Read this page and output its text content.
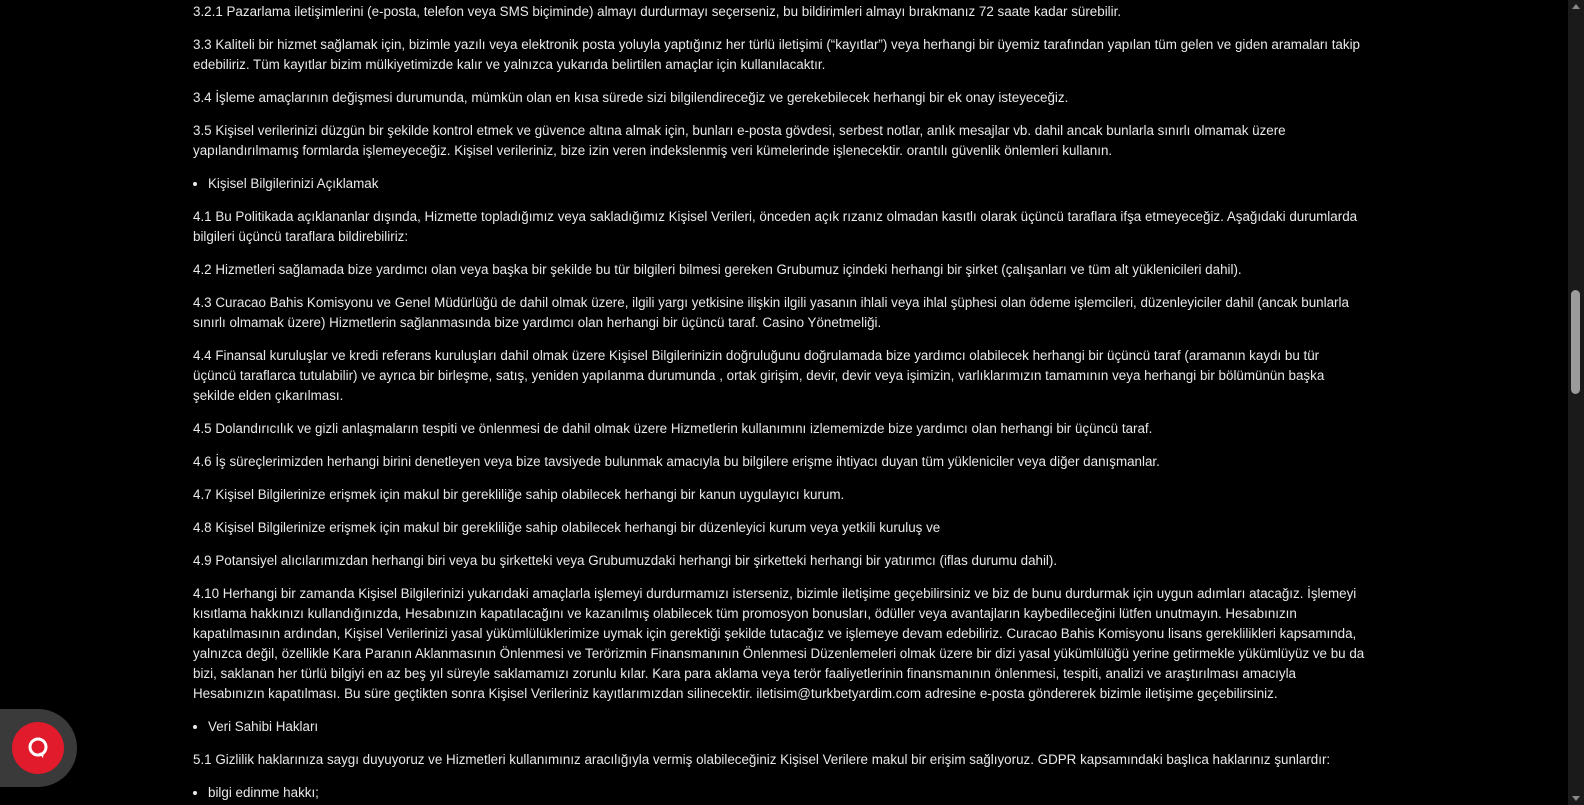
3.2.1 Pazarlama iletişimlerini (e-posta, telefon veya SMS biçiminde) almayı durdurmayı seçerseniz, bu bildirimleri almayı bırakmanız 72 saate kadar sürebilir.

3.3 Kaliteli bir hizmet sağlamak için, bizimle yazılı veya elektronik posta yoluyla yaptığınız her türlü iletişimi (“kayıtlar”) veya herhangi bir üyemiz tarafından yapılan tüm gelen ve giden aramaları takip edebiliriz. Tüm kayıtlar bizim mülkiyetimizde kalır ve yalnızca yukarıda belirtilen amaçlar için kullanılacaktır.

3.4 İşleme amaçlarının değişmesi durumunda, mümkün olan en kısa sürede sizi bilgilendireceğiz ve gerekebilecek herhangi bir ek onay isteyeceğiz.

3.5 Kişisel verilerinizi düzgün bir şekilde kontrol etmek ve güvence altına almak için, bunları e-posta gövdesi, serbest notlar, anlık mesajlar vb. dahil ancak bunlarla sınırlı olmamak üzere yapılandırılmamış formlarda işlemeyeceğiz. Kişisel verileriniz, bize izin veren indekslenmiş veri kümelerinde işlenecektir. orantılı güvenlik önlemleri kullanın.

• Kişisel Bilgilerinizi Açıklamak

4.1 Bu Politikada açıklananlar dışında, Hizmette topladığımız veya sakladığımız Kişisel Verileri, önceden açık rızanız olmadan kasıtlı olarak üçüncü taraflara ifşa etmeyeceğiz. Aşağıdaki durumlarda bilgileri üçüncü taraflara bildirebiliriz:

4.2 Hizmetleri sağlamada bize yardımcı olan veya başka bir şekilde bu tür bilgileri bilmesi gereken Grubumuz içindeki herhangi bir şirket (çalışanları ve tüm alt yüklenicileri dahil).

4.3 Curacao Bahis Komisyonu ve Genel Müdürlüğü de dahil olmak üzere, ilgili yargı yetkisine ilişkin ilgili yasanın ihlali veya ihlal şüphesi olan ödeme işlemcileri, düzenleyiciler dahil (ancak bunlarla sınırlı olmamak üzere) Hizmetlerin sağlanmasında bize yardımcı olan herhangi bir üçüncü taraf. Casino Yönetmeliği.

4.4 Finansal kuruluşlar ve kredi referans kuruluşları dahil olmak üzere Kişisel Bilgilerinizin doğruluğunu doğrulamada bize yardımcı olabilecek herhangi bir üçüncü taraf (aramanın kaydı bu tür üçüncü taraflarca tutulabilir) ve ayrıca bir birleşme, satış, yeniden yapılanma durumunda , ortak girişim, devir, devir veya işimizin, varlıklarımızın tamamının veya herhangi bir bölümünün başka şekilde elden çıkarılması.

4.5 Dolandırıcılık ve gizli anlaşmaların tespiti ve önlenmesi de dahil olmak üzere Hizmetlerin kullanımını izlememizde bize yardımcı olan herhangi bir üçüncü taraf.

4.6 İş süreçlerimizden herhangi birini denetleyen veya bize tavsiyede bulunmak amacıyla bu bilgilere erişme ihtiyacı duyan tüm yükleniciler veya diğer danışmanlar.

4.7 Kişisel Bilgilerinize erişmek için makul bir gerekliliğe sahip olabilecek herhangi bir kanun uygulayıcı kurum.

4.8 Kişisel Bilgilerinize erişmek için makul bir gerekliliğe sahip olabilecek herhangi bir düzenleyici kurum veya yetkili kuruluş ve

4.9 Potansiyel alıcılarımızdan herhangi biri veya bu şirketteki veya Grubumuzdaki herhangi bir şirketteki herhangi bir yatırımcı (iflas durumu dahil).

4.10 Herhangi bir zamanda Kişisel Bilgilerinizi yukarıdaki amaçlarla işlemeyi durdurmamızı isterseniz, bizimle iletişime geçebilirsiniz ve biz de bunu durdurmak için uygun adımları atacağız. İşlemeyi kısıtlama hakkınızı kullandığınızda, Hesabınızın kapatılacağını ve kazanılmış olabilecek tüm promosyon bonusları, ödüller veya avantajların kaybedileceğini lütfen unutmayın. Hesabınızın kapatılmasının ardından, Kişisel Verilerinizi yasal yükümlülüklerimize uymak için gerektiği şekilde tutacağız ve işlemeye devam edebiliriz. Curacao Bahis Komisyonu lisans gereklilikleri kapsamında, yalnızca değil, özellikle Kara Paranın Aklanmasının Önlenmesi ve Terörizmin Finansmanının Önlenmesi Düzenlemeleri olmak üzere bir dizi yasal yükümlülüğü yerine getirmekle yükümlüyüz ve bu da bizi, saklanan her türlü bilgiyi en az beş yıl süreyle saklamamızı zorunlu kılar. Kara para aklama veya terör faaliyetlerinin finansmanının önlenmesi, tespiti, analizi ve araştırılması amacıyla Hesabınızın kapatılması. Bu süre geçtikten sonra Kişisel Verileriniz kayıtlarımızdan silinecektir. iletisim@turkbetyardim.com adresine e-posta göndererek bizimle iletişime geçebilirsiniz.

• Veri Sahibi Hakları

5.1 Gizlilik haklarınıza saygı duyuyoruz ve Hizmetleri kullanımınız aracılığıyla vermiş olabileceğiniz Kişisel Verilere makul bir erişim sağlıyoruz. GDPR kapsamındaki başlıca haklarınız şunlardır:

• bilgi edinme hakkı;
